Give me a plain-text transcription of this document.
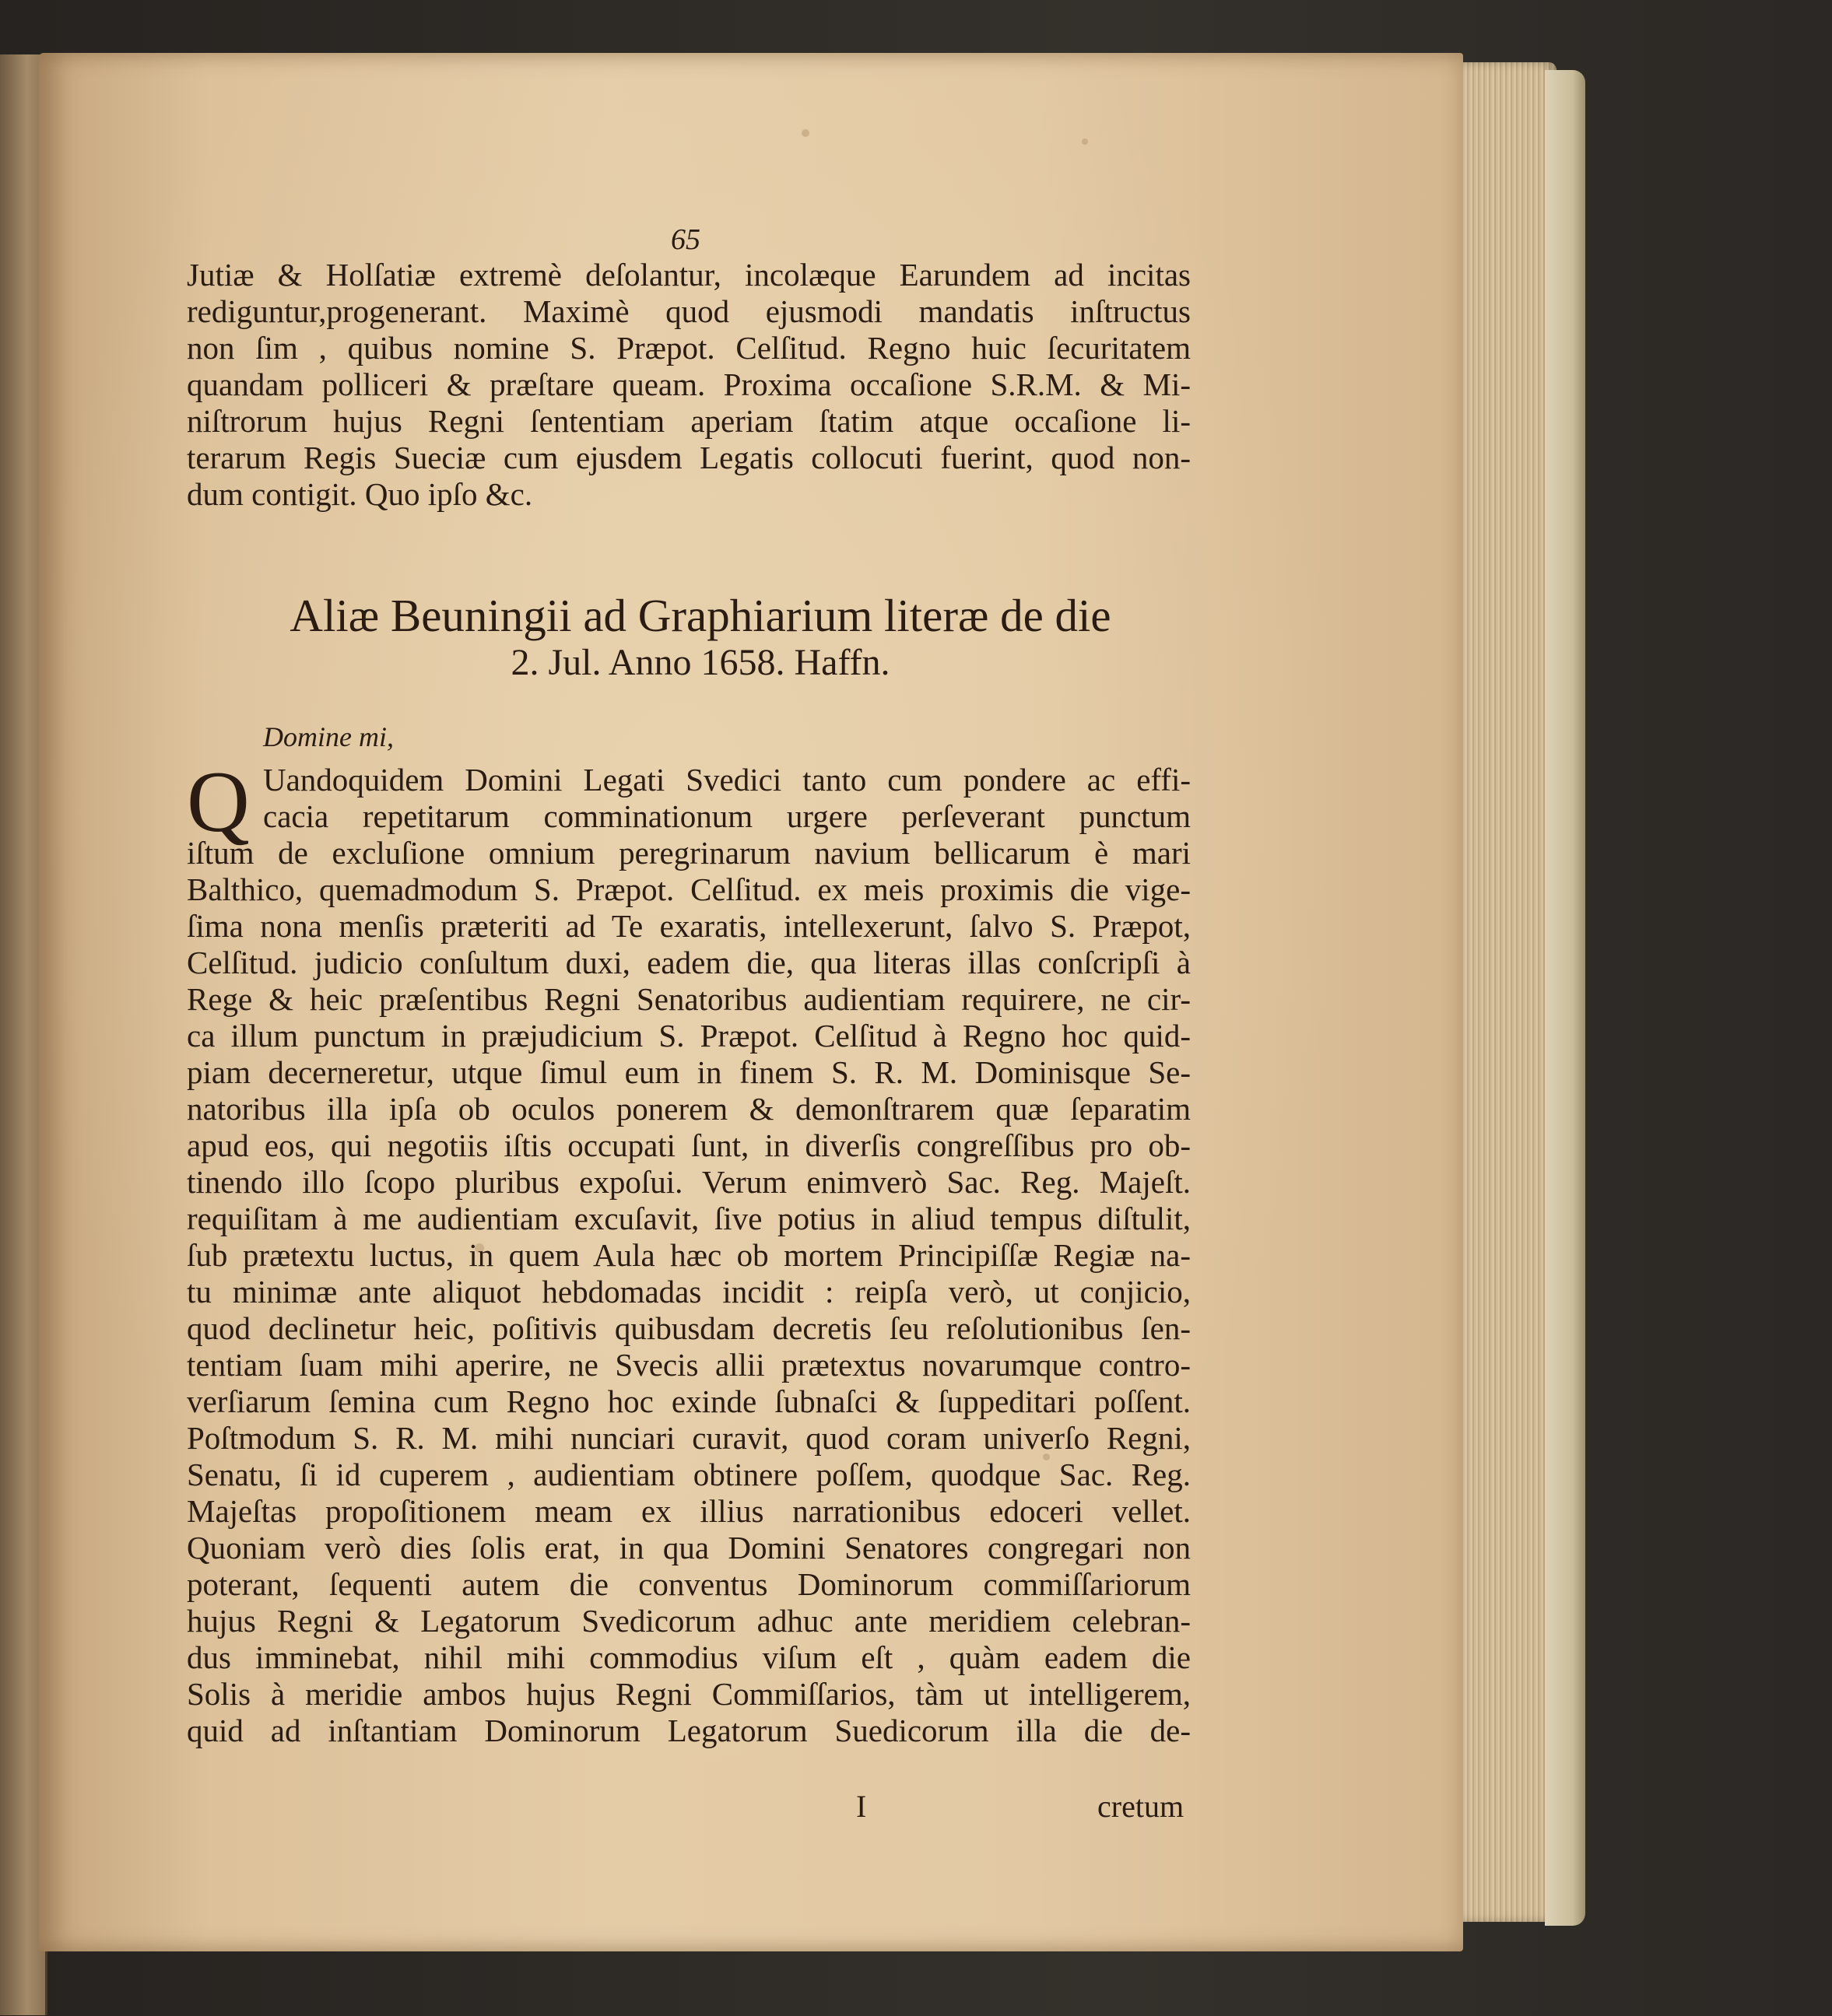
65
Jutiæ & Holſatiæ extremè deſolantur, incolæque Earundem ad incitas
rediguntur,progenerant. Maximè quod ejusmodi mandatis inſtructus
non ſim , quibus nomine S. Præpot. Celſitud. Regno huic ſecuritatem
quandam polliceri & præſtare queam. Proxima occaſione S.R.M. & Mi-
niſtrorum hujus Regni ſententiam aperiam ſtatim atque occaſione li-
terarum Regis Sueciæ cum ejusdem Legatis collocuti fuerint, quod non-
dum contigit. Quo ipſo &c.
Aliæ Beuningii ad Graphiarium literæ de die
2. Jul. Anno 1658. Haffn.
Domine mi,
Q Uandoquidem Domini Legati Svedici tanto cum pondere ac effi-
cacia repetitarum comminationum urgere perſeverant punctum
iſtum de excluſione omnium peregrinarum navium bellicarum è mari
Balthico, quemadmodum S. Præpot. Celſitud. ex meis proximis die vige-
ſima nona menſis præteriti ad Te exaratis, intellexerunt, ſalvo S. Præpot,
Celſitud. judicio conſultum duxi, eadem die, qua literas illas conſcripſi à
Rege & heic præſentibus Regni Senatoribus audientiam requirere, ne cir-
ca illum punctum in præjudicium S. Præpot. Celſitud à Regno hoc quid-
piam decerneretur, utque ſimul eum in finem S. R. M. Dominisque Se-
natoribus illa ipſa ob oculos ponerem & demonſtrarem quæ ſeparatim
apud eos, qui negotiis iſtis occupati ſunt, in diverſis congreſſibus pro ob-
tinendo illo ſcopo pluribus expoſui. Verum enimverò Sac. Reg. Majeſt.
requiſitam à me audientiam excuſavit, ſive potius in aliud tempus diſtulit,
ſub prætextu luctus, in quem Aula hæc ob mortem Principiſſæ Regiæ na-
tu minimæ ante aliquot hebdomadas incidit : reipſa verò, ut conjicio,
quod declinetur heic, poſitivis quibusdam decretis ſeu reſolutionibus ſen-
tentiam ſuam mihi aperire, ne Svecis allii prætextus novarumque contro-
verſiarum ſemina cum Regno hoc exinde ſubnaſci & ſuppeditari poſſent.
Poſtmodum S. R. M. mihi nunciari curavit, quod coram univerſo Regni,
Senatu, ſi id cuperem , audientiam obtinere poſſem, quodque Sac. Reg.
Majeſtas propoſitionem meam ex illius narrationibus edoceri vellet.
Quoniam verò dies ſolis erat, in qua Domini Senatores congregari non
poterant, ſequenti autem die conventus Dominorum commiſſariorum
hujus Regni & Legatorum Svedicorum adhuc ante meridiem celebran-
dus imminebat, nihil mihi commodius viſum eſt , quàm eadem die
Solis à meridie ambos hujus Regni Commiſſarios, tàm ut intelligerem,
quid ad inſtantiam Dominorum Legatorum Suedicorum illa die de-
I	cretum
